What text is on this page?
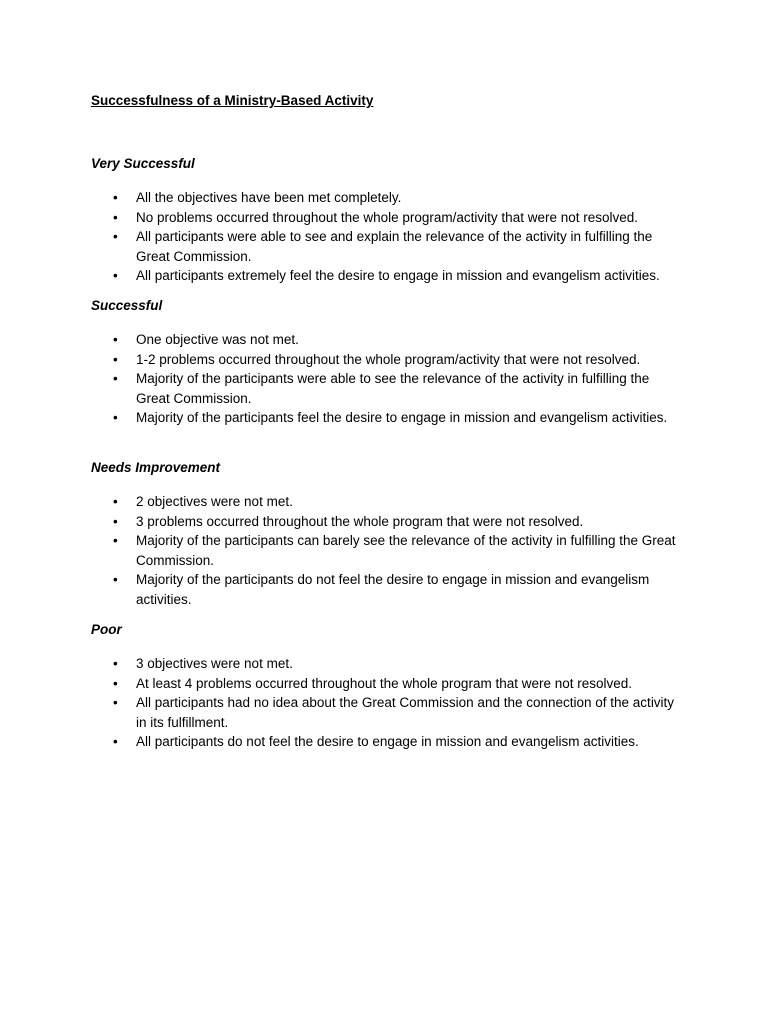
Successfulness of a Ministry-Based Activity
Very Successful
•	All the objectives have been met completely.
•	No problems occurred throughout the whole program/activity that were not resolved.
•	All participants were able to see and explain the relevance of the activity in fulfilling the Great Commission.
•	All participants extremely feel the desire to engage in mission and evangelism activities.
Successful
•	One objective was not met.
•	1-2 problems occurred throughout the whole program/activity that were not resolved.
•	Majority of the participants were able to see the relevance of the activity in fulfilling the Great Commission.
•	Majority of the participants feel the desire to engage in mission and evangelism activities.
Needs Improvement
•	2 objectives were not met.
•	3 problems occurred throughout the whole program that were not resolved.
•	Majority of the participants can barely see the relevance of the activity in fulfilling the Great Commission.
•	Majority of the participants do not feel the desire to engage in mission and evangelism activities.
Poor
•	3 objectives were not met.
•	At least 4 problems occurred throughout the whole program that were not resolved.
•	All participants had no idea about the Great Commission and the connection of the activity in its fulfillment.
•	All participants do not feel the desire to engage in mission and evangelism activities.
